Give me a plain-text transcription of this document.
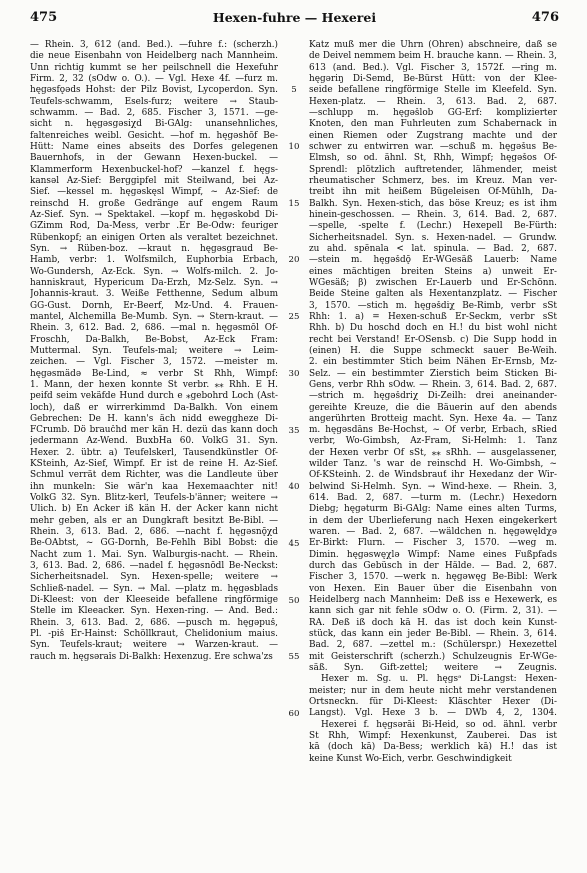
475	Hexen-fuhre — Hexerei	476
— Rhein. 3, 612 (and. Bed.). —fuhre f.: (scherzh.)
die neue Eisenbahn von Heidelberg nach Mannheim.
Unn richtig kummt se her peilschnell die Hexefuhr
Firm. 2, 32 (sOdw o. O.). — Vgl. Hexe 4f. —furz m.
hęgəsfǫəds Hohst: der Pilz Bovist, Lycoperdon. Syn.
Teufels-schwamm, Esels-furz; weitere → Staub-
schwamm. — Bad. 2, 685. Fischer 3, 1571. —ge-
sicht n. hęgəsgəsiχd Bi-GÄlg: unansehnliches,
faltenreiches weibl. Gesicht. —hof m. hęgəshōf Be-
Hütt: Name eines abseits des Dorfes gelegenen
Bauernhofs, in der Gewann Hexen-buckel. —
Klammerform Hexenbuckel-hof? —kanzel f. hęgs-
kansəl Az-Sief: Berggipfel mit Steilwand, bei Az-
Sief. —kessel m. hęgəskęsl Wimpf, ~ Az-Sief: de
reinschd H. große Gedränge auf engem Raum
Az-Sief. Syn. → Spektakel. —kopf m. hęgəskobd Di-
GZimm Rod, Da-Mess, verbr .Er Be-Odw: feuriger
Rübenkopf; an einigen Orten als veraltet bezeichnet.
Syn. → Rüben-boz. —kraut n. hęgəsgraud Be-
Hamb, verbr: 1. Wolfsmilch, Euphorbia Erbach,
Wo-Gundersh, Az-Eck. Syn. → Wolfs-milch. 2. Jo-
hanniskraut, Hypericum Da-Erzh, Mz-Selz. Syn. →
Johannis-kraut. 3. Weiße Fetthenne, Sedum album
GG-Gust. Dornh, Er-Beerf, Mz-Und. 4. Frauen-
mantel, Alchemilla Be-Mumb. Syn. → Stern-kraut. —
Rhein. 3, 612. Bad. 2, 686. —mal n. hęgəsmōl Of-
Froschh, Da-Balkh, Be-Bobst, Az-Eck Fram:
Muttermal. Syn. Teufels-mal; weitere → Leim-
zeichen. — Vgl. Fischer 3, 1572. —meister m.
hęgəsmǟdə Be-Lind, ≈ verbr St Rhh, Wimpf:
1. Mann, der hexen konnte St verbr. ⁎⁎ Rhh. E H.
peifd seim vekäfde Hund durch e ⁎gebohrd Loch (Ast-
loch), daß er wirrerkimmd Da-Balkh. Von einem
Gebrechen: De H. kann's äch nidd eweggheze Di-
FCrumb. Dö braučhd mer kän H. dezü das kann doch
jedermann Az-Wend. BuxbHa 60. VolkG 31. Syn.
Hexer. 2. übtr. a) Teufelskerl, Tausendkünstler Of-
KSteinh, Az-Sief, Wimpf. Er ist de reine H. Az-Sief.
Schmul verrät dem Richter, was die Landleute über
ihn munkeln: Sie wär'n kaa Hexemaachter nit!
VolkG 32. Syn. Blitz-kerl, Teufels-b'änner; weitere →
Ulich. b) En Acker iß kän H. der Acker kann nicht
mehr geben, als er an Dungkraft besitzt Be-Bibl. —
Rhein. 3, 613. Bad. 2, 686. —nacht f. hęgəsnǭχd
Be-OAbtst, ~ GG-Dornh, Be-Fehlh Bibl Bobst: die
Nacht zum 1. Mai. Syn. Walburgis-nacht. — Rhein.
3, 613. Bad. 2, 686. —nadel f. hęgəsnōdl Be-Neckst:
Sicherheitsnadel. Syn. Hexen-spelle; weitere →
Schließ-nadel. — Syn. → Mal. —platz m. hęgəsblads
Di-Kleest: von der Kleeseide befallene ringförmige
Stelle im Kleeacker. Syn. Hexen-ring. — And. Bed.:
Rhein. 3, 613. Bad. 2, 686. —pusch m. hęgəpuš,
Pl. -piš Er-Hainst: Schöllkraut, Chelidonium maius.
Syn. Teufels-kraut; weitere → Warzen-kraut. —
rauch m. hęgsəraǐs Di-Balkh: Hexenzug. Ere schwa'zs
5
10
15
20
25
30
35
40
45
50
55
60
Katz muß mer die Uhrn (Ohren) abschneire, daß se
de Deivel nemmem beim H. brauche kann. — Rhein. 3,
613 (and. Bed.). Vgl. Fischer 3, 1572f. —ring m.
hęgəriŋ Di-Semd, Be-Bürst Hütt: von der Klee-
seide befallene ringförmige Stelle im Kleefeld. Syn.
Hexen-platz. — Rhein. 3, 613. Bad. 2, 687.
—schlupp m. hęgəšlob GG-Erf: komplizierter
Knoten, den man Fuhrleuten zum Schabernack in
einen Riemen oder Zugstrang machte und der
schwer zu entwirren war. —schuß m. hęgəšus Be-
Elmsh, so od. ähnl. St, Rhh, Wimpf; hęgəšos Of-
Sprendl: plötzlich auftretender, lähmender, meist
rheumatischer Schmerz, bes. im Kreuz. Man ver-
treibt ihn mit heißem Bügeleisen Of-Mühlh, Da-
Balkh. Syn. Hexen-stich, das böse Kreuz; es ist ihm
hinein-geschossen. — Rhein. 3, 614. Bad. 2, 687.
—spelle, -spelte f. (Lechr.) Hexepell Be-Fürth:
Sicherheitsnadel. Syn. s. Hexen-nadel. — Grundw.
zu ahd. spënala < lat. spinula. — Bad. 2, 687.
—stein m. hęgəšdǭ Er-WGesäß Lauerb: Name
eines mächtigen breiten Steins a) unweit Er-
WGesäß; β) zwischen Er-Lauerb und Er-Schönn.
Beide Steine galten als Hexentanzplatz. — Fischer
3, 1570. —stich m. hęgəšdiχ Be-Rimb, verbr sSt
Rhh: 1. a) = Hexen-schuß Er-Seckm, verbr sSt
Rhh. b) Du hoschd doch en H.! du bist wohl nicht
recht bei Verstand! Er-OSensb. c) Die Supp hodd in
(einen) H. die Suppe schmeckt sauer Be-Weih.
2. ein bestimmter Stich beim Nähen Er-Ernsb, Mz-
Selz. — ein bestimmter Zierstich beim Sticken Bi-
Gens, verbr Rhh sOdw. — Rhein. 3, 614. Bad. 2, 687.
—strich m. hęgəšdriχ Di-Zeilh: drei aneinander-
gereihte Kreuze, die die Bäuerin auf den abends
angerührten Brotteig macht. Syn. Hexe 4a. — Tanz
m. hęgəsdāns Be-Hochst, ~ Of verbr, Erbach, sRied
verbr, Wo-Gimbsh, Az-Fram, Si-Helmh: 1. Tanz
der Hexen verbr Of sSt, ⁎⁎ sRhh. — ausgelassener,
wilder Tanz. 's war de reinschd H. Wo-Gimbsh, ~
Of-KSteinh. 2. de Windsbrauť ihr Hexedanz der Wir-
belwind Si-Helmh. Syn. → Wind-hexe. — Rhein. 3,
614. Bad. 2, 687. —turm m. (Lechr.) Hexedorn
Diebg; hęgəturm Bi-GÄlg: Name eines alten Turms,
in dem der Überlieferung nach Hexen eingekerkert
waren. — Bad. 2, 687. —wäldchen n. hęgəwęldχə
Er-Birkt: Flurn. — Fischer 3, 1570. —weg m.
Dimin. hęgəswęχlə Wimpf: Name eines Fußpfads
durch das Gebüsch in der Hälde. — Bad. 2, 687.
Fischer 3, 1570. —werk n. hęgəwęg Be-Bibl: Werk
von Hexen. Ein Bauer über die Eisenbahn von
Heidelberg nach Mannheim: Deß iss e Hexewerk, es
kann sich gar nit fehle sOdw o. O. (Firm. 2, 31). —
RA. Deß iß doch kā H. das ist doch kein Kunst-
stück, das kann ein jeder Be-Bibl. — Rhein. 3, 614.
Bad. 2, 687. —zettel m.: (Schülerspr.) Hexezettel
mit Geisterschrift (scherzh.) Schulzeugnis Er-WGe-
säß. Syn. Gift-zettel; weitere → Zeugnis.
Hexer m. Sg. u. Pl. hęgsᵊ Di-Langst: Hexen-
meister; nur in dem heute nicht mehr verstandenen
Ortsneckn. für Di-Kleest: Kläschter Hexer (Di-
Langst). Vgl. Hexe 3 b. — DWb 4, 2, 1304.
Hexerei f. hęgsərāi Bi-Heid, so od. ähnl. verbr
St Rhh, Wimpf: Hexenkunst, Zauberei. Das ist
kā (doch kā) Da-Bess; werklich kā) H.! das ist
keine Kunst Wo-Eich, verbr. Geschwindigkeit
